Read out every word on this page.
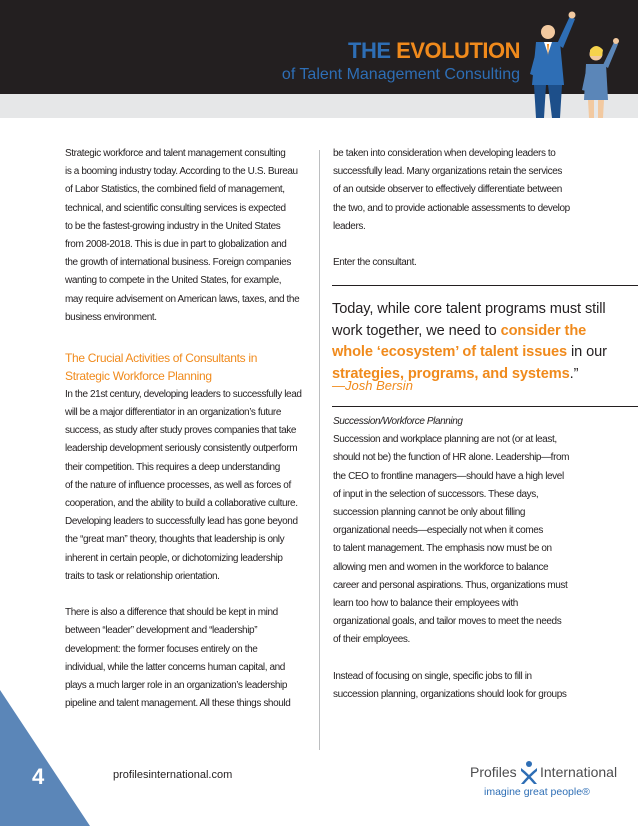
THE EVOLUTION
of Talent Management Consulting
Strategic workforce and talent management consulting
is a booming industry today. According to the U.S. Bureau
of Labor Statistics, the combined field of management,
technical, and scientific consulting services is expected
to be the fastest-growing industry in the United States
from 2008-2018. This is due in part to globalization and
the growth of international business. Foreign companies
wanting to compete in the United States, for example,
may require advisement on American laws, taxes, and the
business environment.
The Crucial Activities of Consultants in
Strategic Workforce Planning
In the 21st century, developing leaders to successfully lead
will be a major differentiator in an organization’s future
success, as study after study proves companies that take
leadership development seriously consistently outperform
their competition. This requires a deep understanding
of the nature of influence processes, as well as forces of
cooperation, and the ability to build a collaborative culture.
Developing leaders to successfully lead has gone beyond
the “great man” theory, thoughts that leadership is only
inherent in certain people, or dichotomizing leadership
traits to task or relationship orientation.
There is also a difference that should be kept in mind
between “leader” development and “leadership”
development: the former focuses entirely on the
individual, while the latter concerns human capital, and
plays a much larger role in an organization’s leadership
pipeline and talent management. All these things should
be taken into consideration when developing leaders to
successfully lead. Many organizations retain the services
of an outside observer to effectively differentiate between
the two, and to provide actionable assessments to develop
leaders.
Enter the consultant.
Today, while core talent programs must still work together, we need to consider the whole ‘ecosystem’ of talent issues in our strategies, programs, and systems.”
—Josh Bersin
Succession/Workforce Planning
Succession and workplace planning are not (or at least,
should not be) the function of HR alone. Leadership—from
the CEO to frontline managers—should have a high level
of input in the selection of successors. These days,
succession planning cannot be only about filling
organizational needs—especially not when it comes
to talent management. The emphasis now must be on
allowing men and women in the workforce to balance
career and personal aspirations. Thus, organizations must
learn too how to balance their employees with
organizational goals, and tailor moves to meet the needs
of their employees.
Instead of focusing on single, specific jobs to fill in
succession planning, organizations should look for groups
4	profilesinternational.com	Profiles International
imagine great people®
